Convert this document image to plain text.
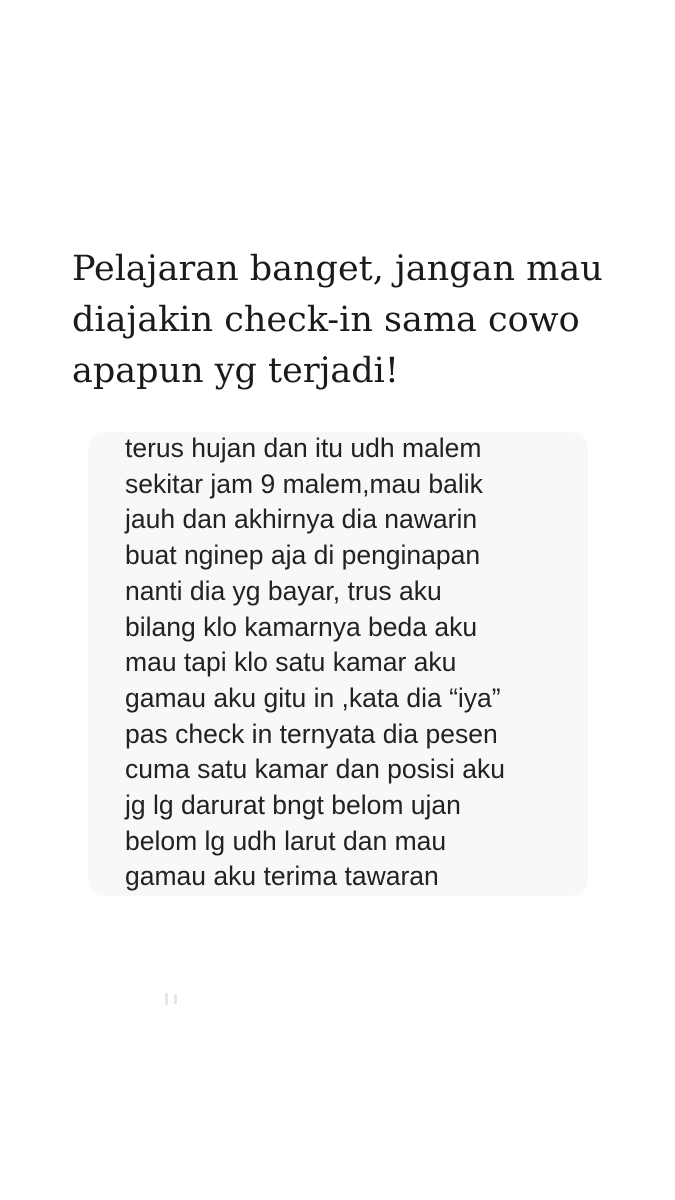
Pelajaran banget, jangan mau
diajakin check-in sama cowo
apapun yg terjadi!
terus hujan dan itu udh malem
sekitar jam 9 malem,mau balik
jauh dan akhirnya dia nawarin
buat nginep aja di penginapan
nanti dia yg bayar, trus aku
bilang klo kamarnya beda aku
mau tapi klo satu kamar aku
gamau aku gitu in ,kata dia “iya”
pas check in ternyata dia pesen
cuma satu kamar dan posisi aku
jg lg darurat bngt belom ujan
belom lg udh larut dan mau
gamau aku terima tawaran
